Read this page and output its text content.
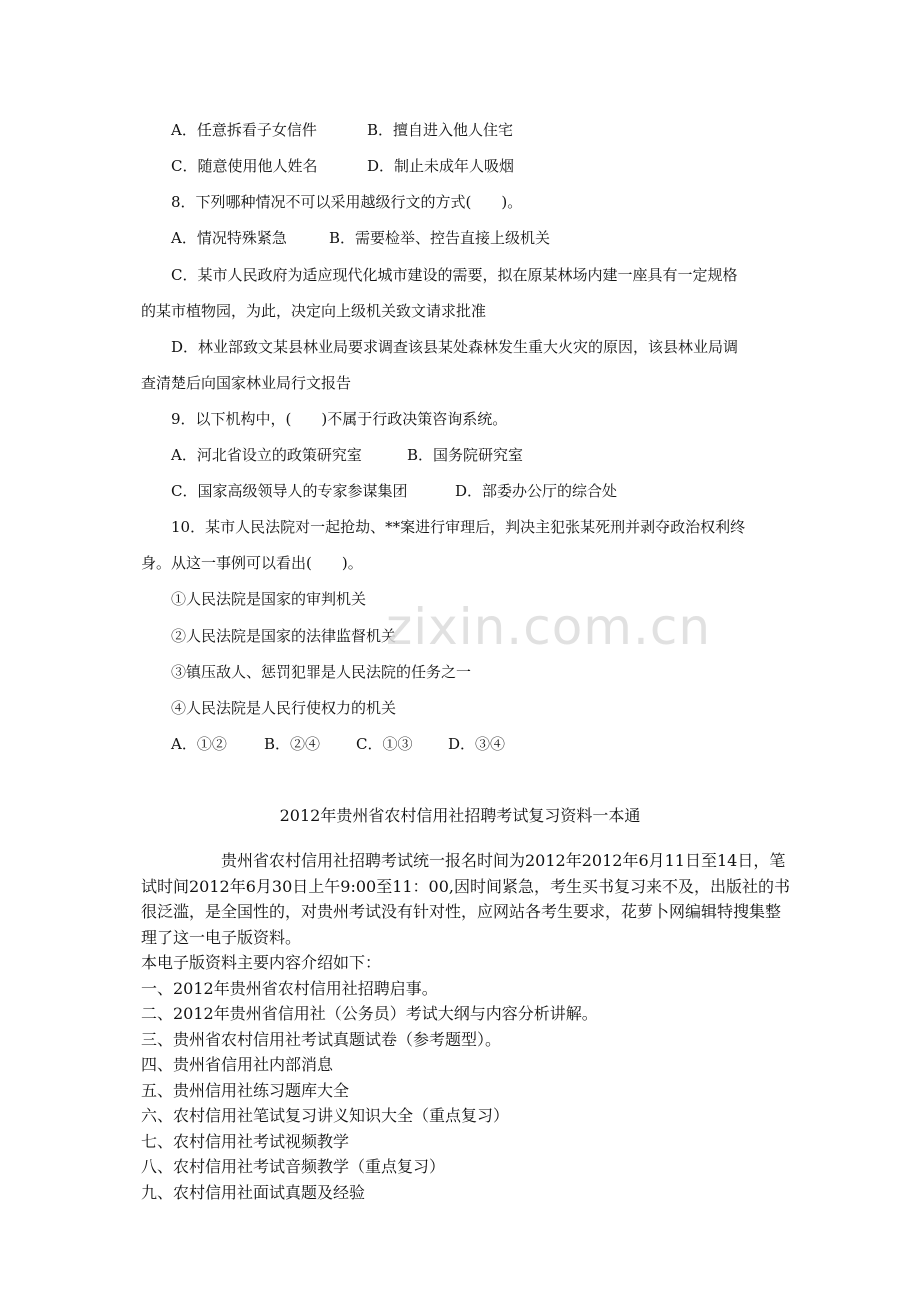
A．任意拆看子女信件	B．擅自进入他人住宅
C．随意使用他人姓名	D．制止未成年人吸烟
8．下列哪种情况不可以采用越级行文的方式(　　)。
A．情况特殊紧急	B．需要检举、控告直接上级机关
C．某市人民政府为适应现代化城市建设的需要，拟在原某林场内建一座具有一定规格
的某市植物园，为此，决定向上级机关致文请求批准
D．林业部致文某县林业局要求调查该县某处森林发生重大火灾的原因，该县林业局调
查清楚后向国家林业局行文报告
9．以下机构中，(　　)不属于行政决策咨询系统。
A．河北省设立的政策研究室	B．国务院研究室
C．国家高级领导人的专家参谋集团	D．部委办公厅的综合处
10．某市人民法院对一起抢劫、**案进行审理后，判决主犯张某死刑并剥夺政治权利终
身。从这一事例可以看出(　　)。
①人民法院是国家的审判机关
②人民法院是国家的法律监督机关
③镇压敌人、惩罚犯罪是人民法院的任务之一
④人民法院是人民行使权力的机关
A．①② B．②④ C．①③ D．③④
zixin.com.cn
2012年贵州省农村信用社招聘考试复习资料一本通

贵州省农村信用社招聘考试统一报名时间为2012年2012年6月11日至14日，笔试时间2012年6月30日上午9:00至11：00,因时间紧急，考生买书复习来不及，出版社的书很泛滥，是全国性的，对贵州考试没有针对性，应网站各考生要求，花萝卜网编辑特搜集整理了这一电子版资料。

本电子版资料主要内容介绍如下：

一、2012年贵州省农村信用社招聘启事。

二、2012年贵州省信用社（公务员）考试大纲与内容分析讲解。

三、贵州省农村信用社考试真题试卷（参考题型）。

四、贵州省信用社内部消息

五、贵州信用社练习题库大全

六、农村信用社笔试复习讲义知识大全（重点复习）

七、农村信用社考试视频教学

八、农村信用社考试音频教学（重点复习）

九、农村信用社面试真题及经验
